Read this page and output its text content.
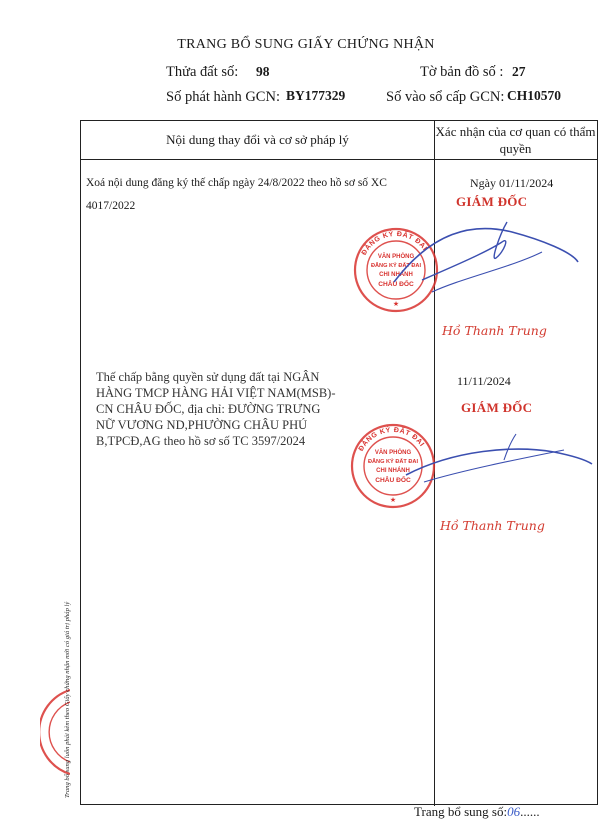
TRANG BỔ SUNG GIẤY CHỨNG NHẬN
Thửa đất số: 98	Tờ bản đồ số : 27
Số phát hành GCN: BY177329	Số vào sổ cấp GCN: CH10570
Nội dung thay đổi và cơ sở pháp lý
Xác nhận của cơ quan có thẩm quyền
Xoá nội dung đăng ký thế chấp ngày 24/8/2022 theo hồ sơ số XC 4017/2022
Ngày 01/11/2024
GIÁM ĐỐC
ĐĂNG KÝ ĐẤT ĐAI
VĂN PHÒNG
ĐĂNG KÝ ĐẤT ĐAI
CHI NHÁNH
CHÂU ĐỐC
★
Hồ Thanh Trung
Thế chấp bằng quyền sử dụng đất tại NGÂN HÀNG TMCP HÀNG HẢI VIỆT NAM(MSB)-CN CHÂU ĐỐC, địa chỉ: ĐƯỜNG TRƯNG NỮ VƯƠNG ND,PHƯỜNG CHÂU PHÚ B,TPCĐ,AG theo hồ sơ số TC 3597/2024
11/11/2024
GIÁM ĐỐC
ĐĂNG KÝ ĐẤT ĐAI
VĂN PHÒNG
ĐĂNG KÝ ĐẤT ĐAI
CHI NHÁNH
CHÂU ĐỐC
★
Hồ Thanh Trung
Trang bổ sung luôn phải kèm theo Giấy chứng nhận mới có giá trị pháp lý
Trang bổ sung số:06......
